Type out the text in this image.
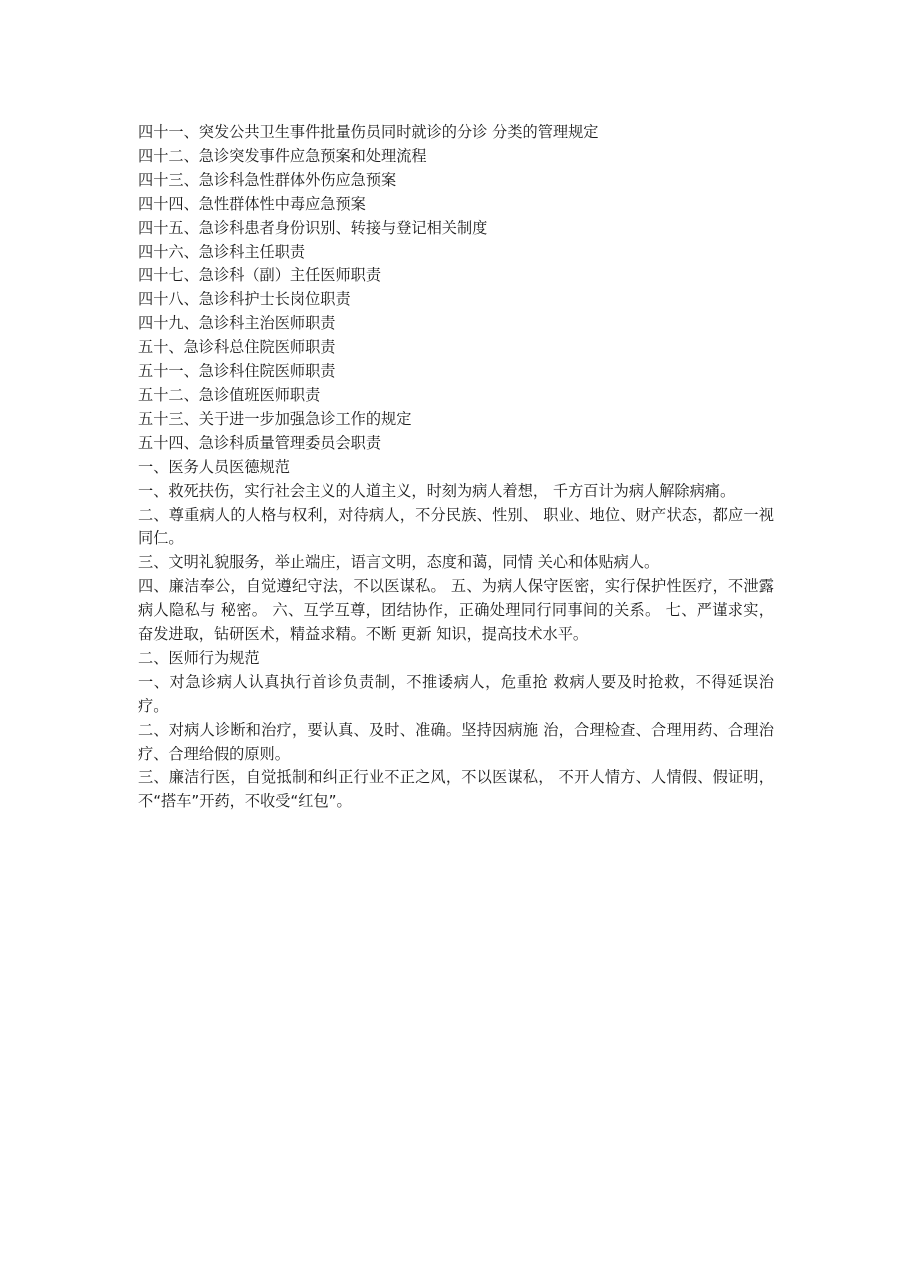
四十一、突发公共卫生事件批量伤员同时就诊的分诊 分类的管理规定

四十二、急诊突发事件应急预案和处理流程

四十三、急诊科急性群体外伤应急预案

四十四、急性群体性中毒应急预案

四十五、急诊科患者身份识别、转接与登记相关制度

四十六、急诊科主任职责

四十七、急诊科（副）主任医师职责

四十八、急诊科护士长岗位职责

四十九、急诊科主治医师职责

五十、急诊科总住院医师职责

五十一、急诊科住院医师职责

五十二、急诊值班医师职责

五十三、关于进一步加强急诊工作的规定

五十四、急诊科质量管理委员会职责

一、医务人员医德规范

一、救死扶伤，实行社会主义的人道主义，时刻为病人着想， 千方百计为病人解除病痛。

二、尊重病人的人格与权利，对待病人，不分民族、性别、 职业、地位、财产状态，都应一视同仁。

三、文明礼貌服务，举止端庄，语言文明，态度和蔼，同情 关心和体贴病人。

四、廉洁奉公，自觉遵纪守法，不以医谋私。 五、为病人保守医密，实行保护性医疗，不泄露病人隐私与 秘密。 六、互学互尊，团结协作，正确处理同行同事间的关系。 七、严谨求实，奋发进取，钻研医术，精益求精。不断 更新 知识，提高技术水平。

二、医师行为规范

一、对急诊病人认真执行首诊负责制，不推诿病人，危重抢 救病人要及时抢救，不得延误治疗。

二、对病人诊断和治疗，要认真、及时、准确。坚持因病施 治，合理检查、合理用药、合理治疗、合理给假的原则。

三、廉洁行医，自觉抵制和纠正行业不正之风，不以医谋私， 不开人情方、人情假、假证明，不“搭车”开药，不收受“红包”。
